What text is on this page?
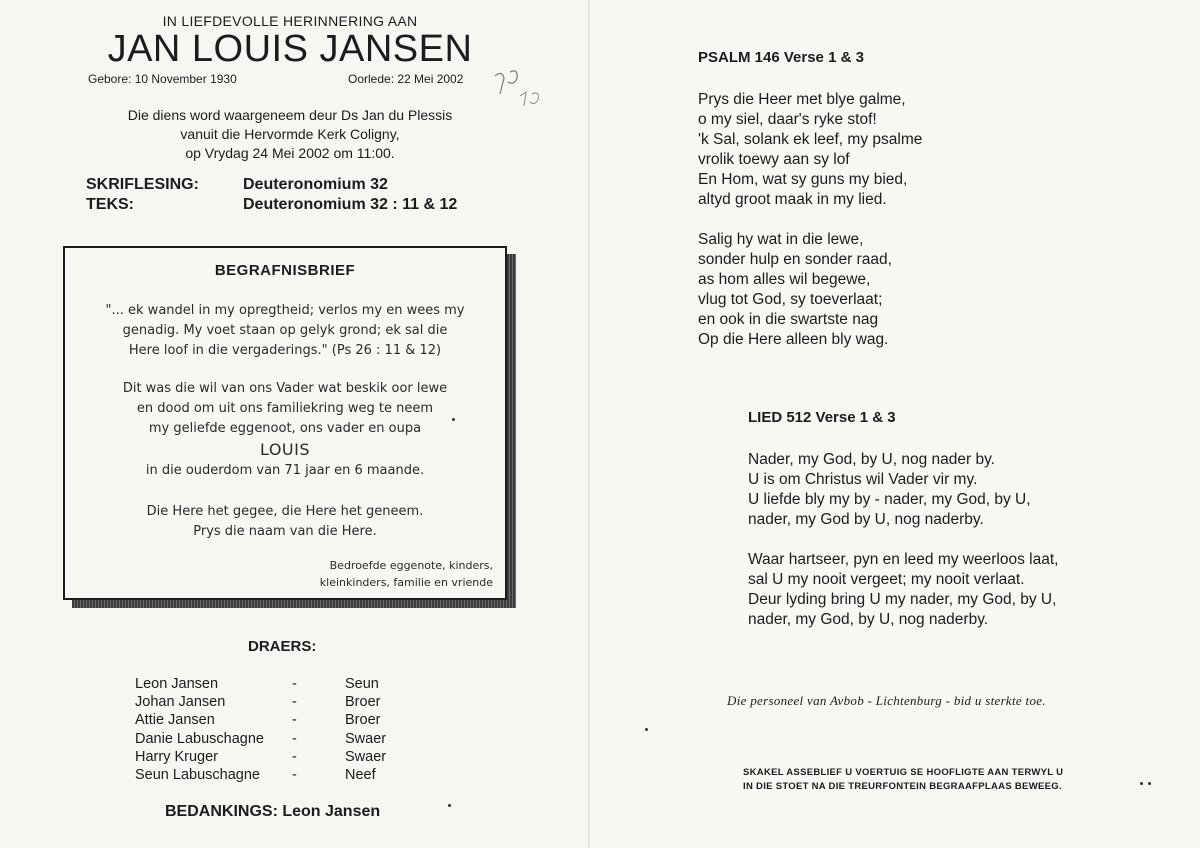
IN LIEFDEVOLLE HERINNERING AAN
JAN LOUIS JANSEN
Gebore: 10 November 1930	Oorlede: 22 Mei 2002
Die diens word waargeneem deur Ds Jan du Plessis
vanuit die Hervormde Kerk Coligny,
op Vrydag 24 Mei 2002 om 11:00.
SKRIFLESING:	Deuteronomium 32
TEKS:	Deuteronomium 32 : 11 & 12
BEGRAFNISBRIEF
"... ek wandel in my opregtheid; verlos my en wees my
genadig. My voet staan op gelyk grond; ek sal die
Here loof in die vergaderings." (Ps 26 : 11 & 12)
Dit was die wil van ons Vader wat beskik oor lewe
en dood om uit ons familiekring weg te neem
my geliefde eggenoot, ons vader en oupa
LOUIS
in die ouderdom van 71 jaar en 6 maande.
Die Here het gegee, die Here het geneem.
Prys die naam van die Here.
Bedroefde eggenote, kinders,
kleinkinders, familie en vriende
DRAERS:
Leon Jansen	-	Seun
Johan Jansen	-	Broer
Attie Jansen	-	Broer
Danie Labuschagne -	Swaer
Harry Kruger	-	Swaer
Seun Labuschagne -	Neef
BEDANKINGS: Leon Jansen
PSALM 146 Verse 1 & 3
Prys die Heer met blye galme,
o my siel, daar's ryke stof!
'k Sal, solank ek leef, my psalme
vrolik toewy aan sy lof
En Hom, wat sy guns my bied,
altyd groot maak in my lied.
Salig hy wat in die lewe,
sonder hulp en sonder raad,
as hom alles wil begewe,
vlug tot God, sy toeverlaat;
en ook in die swartste nag
Op die Here alleen bly wag.
LIED 512 Verse 1 & 3
Nader, my God, by U, nog nader by.
U is om Christus wil Vader vir my.
U liefde bly my by - nader, my God, by U,
nader, my God by U, nog naderby.
Waar hartseer, pyn en leed my weerloos laat,
sal U my nooit vergeet; my nooit verlaat.
Deur lyding bring U my nader, my God, by U,
nader, my God, by U, nog naderby.
Die personeel van Avbob - Lichtenburg - bid u sterkte toe.
SKAKEL ASSEBLIEF U VOERTUIG SE HOOFLIGTE AAN TERWYL U
IN DIE STOET NA DIE TREURFONTEIN BEGRAAFPLAAS BEWEEG.
